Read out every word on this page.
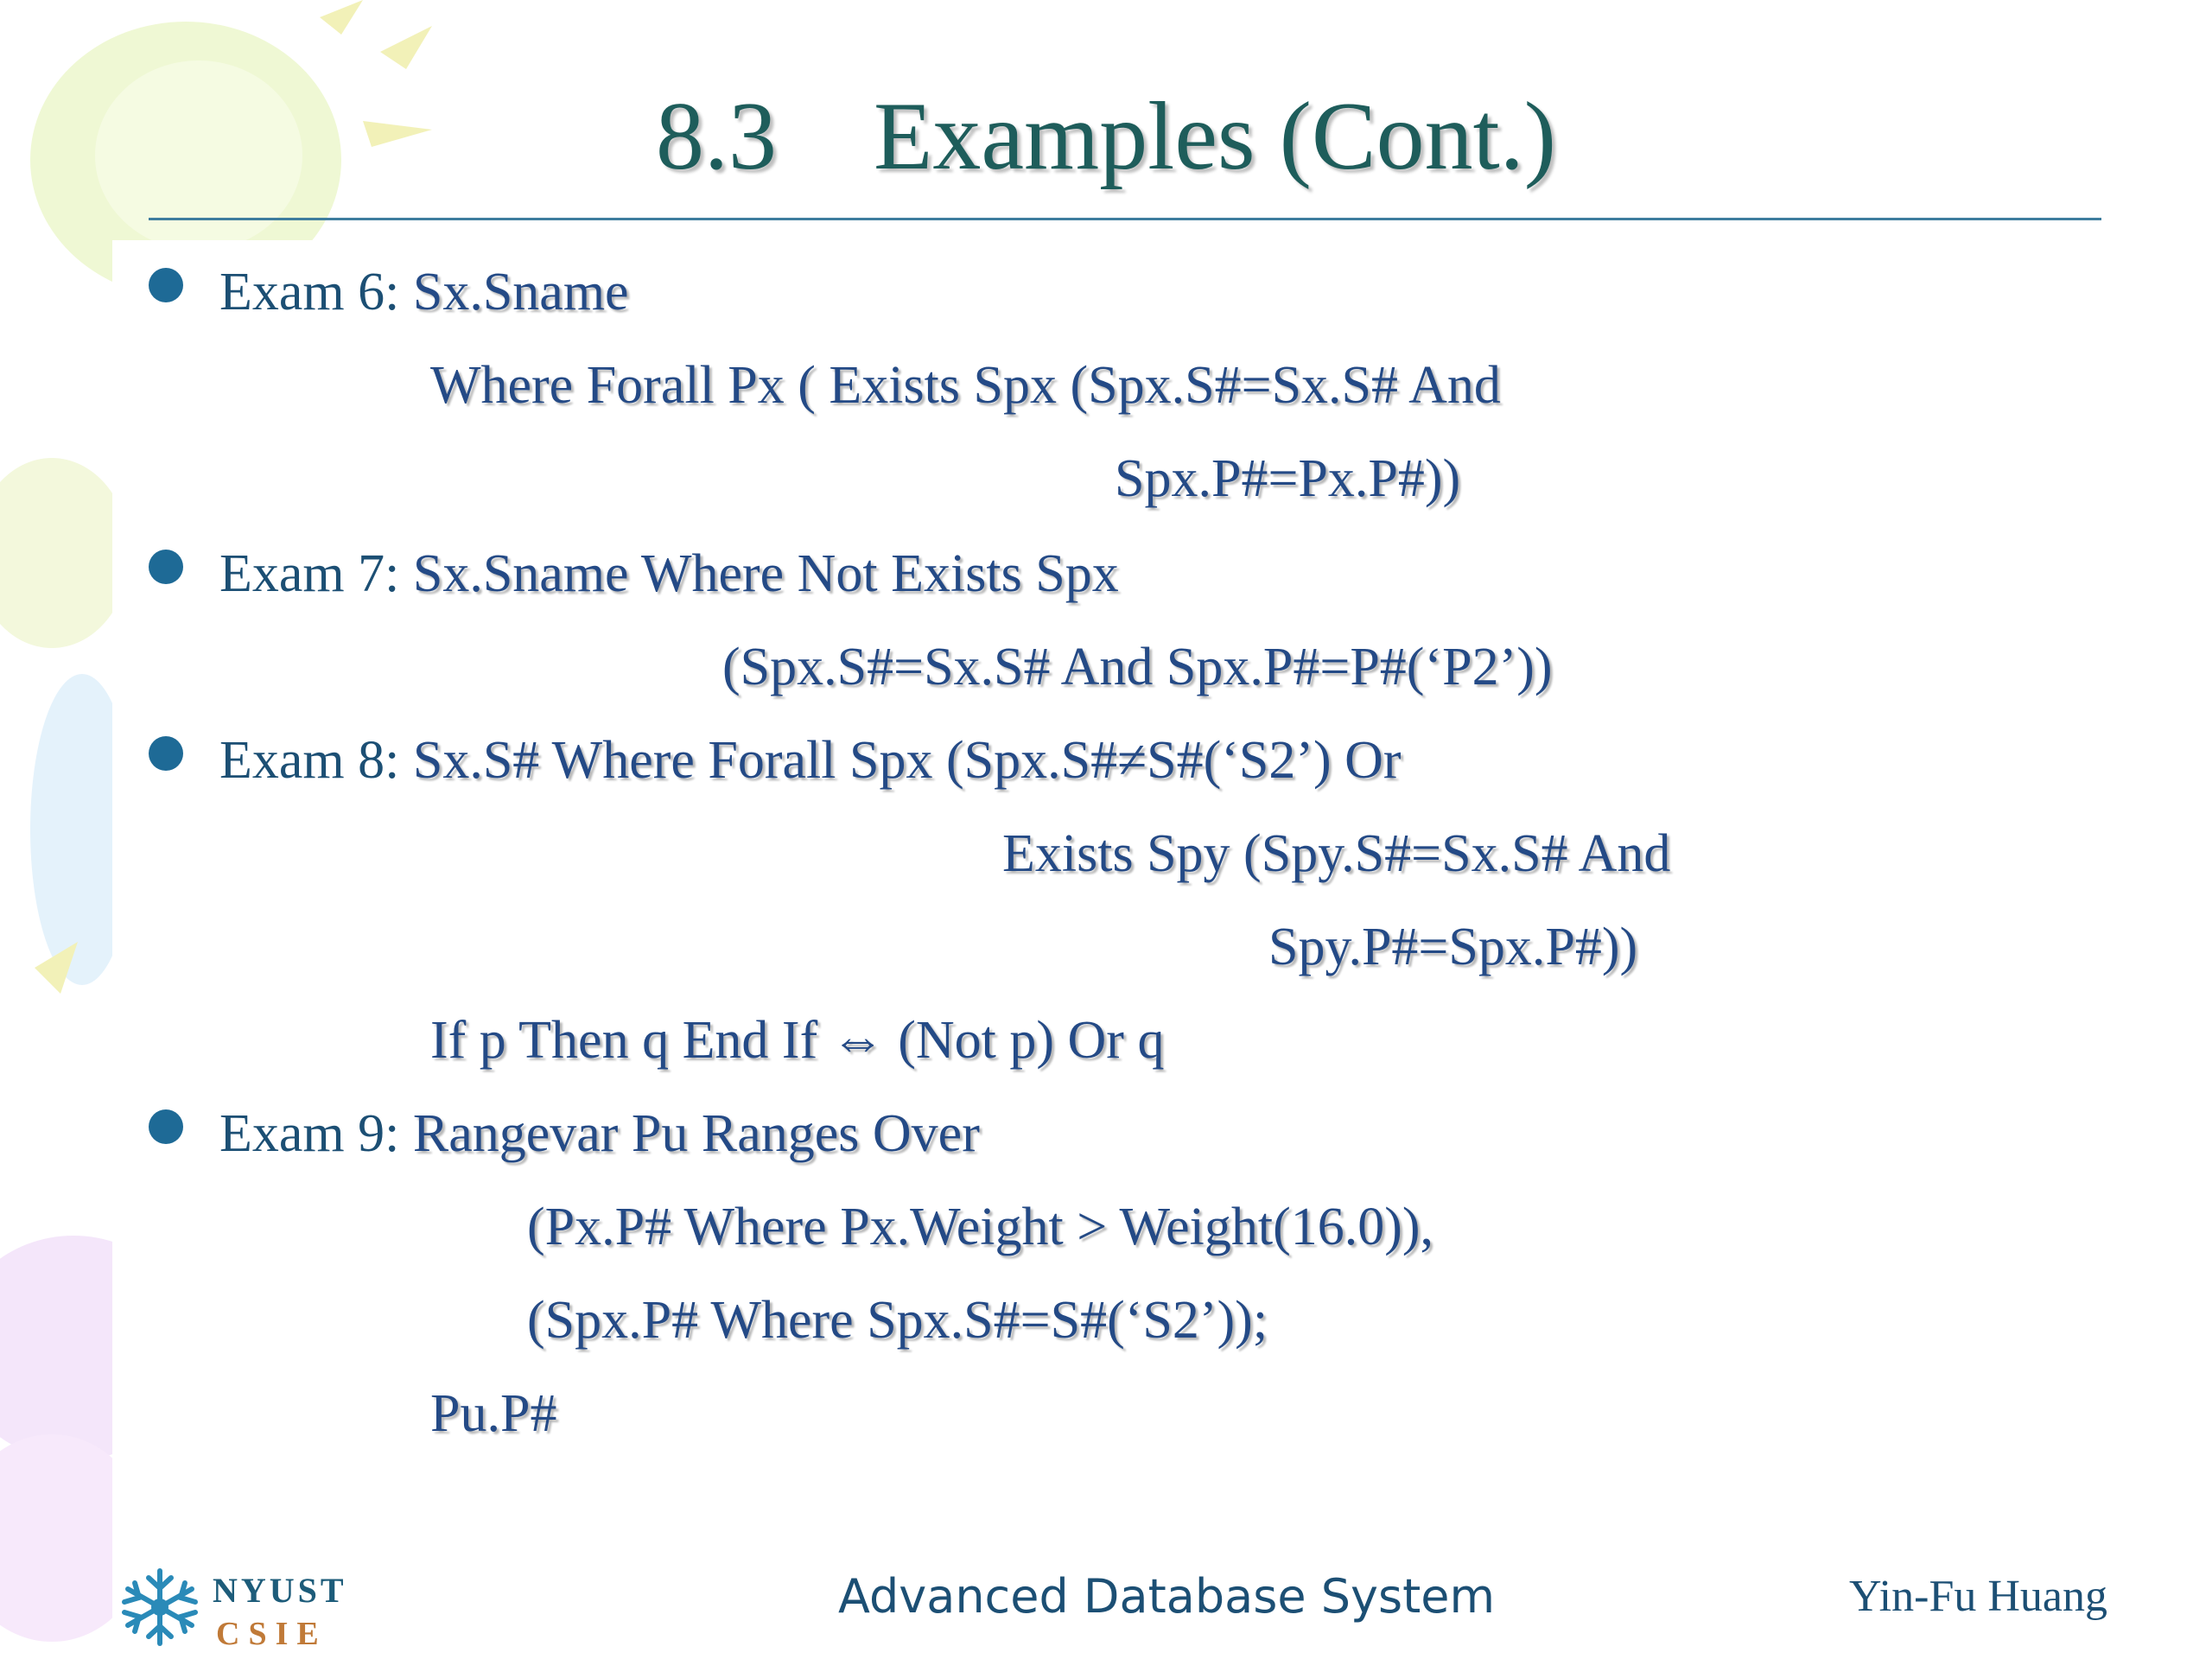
8.3    Examples (Cont.)
Exam 6: Sx.Sname
Where Forall Px ( Exists Spx (Spx.S#=Sx.S# And
Spx.P#=Px.P#))
Exam 7: Sx.Sname Where Not Exists Spx
(Spx.S#=Sx.S# And Spx.P#=P#(‘P2’))
Exam 8: Sx.S# Where Forall Spx (Spx.S#≠S#(‘S2’) Or
Exists Spy (Spy.S#=Sx.S# And
Spy.P#=Spx.P#))
If p Then q End If ⇔ (Not p) Or q
Exam 9: Rangevar Pu Ranges Over
(Px.P# Where Px.Weight > Weight(16.0)),
(Spx.P# Where Spx.S#=S#(‘S2’));
Pu.P#
NYUST
CSIE
Advanced Database System	Yin-Fu Huang
